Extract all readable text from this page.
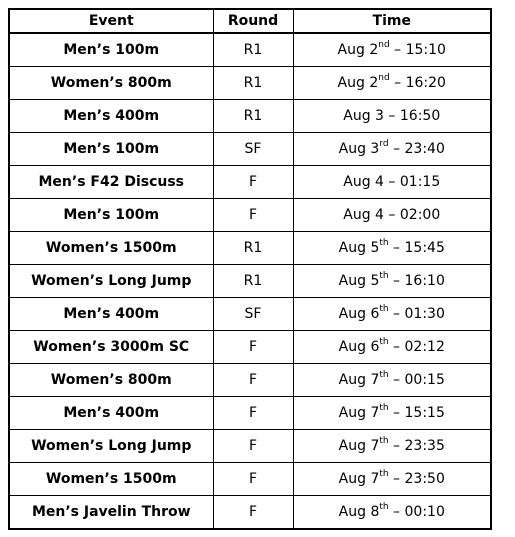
Event	Round	Time
Men’s 100m	R1	Aug 2nd – 15:10
Women’s 800m	R1	Aug 2nd – 16:20
Men’s 400m	R1	Aug 3 – 16:50
Men’s 100m	SF	Aug 3rd – 23:40
Men’s F42 Discuss	F	Aug 4 – 01:15
Men’s 100m	F	Aug 4 – 02:00
Women’s 1500m	R1	Aug 5th – 15:45
Women’s Long Jump	R1	Aug 5th – 16:10
Men’s 400m	SF	Aug 6th – 01:30
Women’s 3000m SC	F	Aug 6th – 02:12
Women’s 800m	F	Aug 7th – 00:15
Men’s 400m	F	Aug 7th – 15:15
Women’s Long Jump	F	Aug 7th – 23:35
Women’s 1500m	F	Aug 7th – 23:50
Men’s Javelin Throw	F	Aug 8th – 00:10
